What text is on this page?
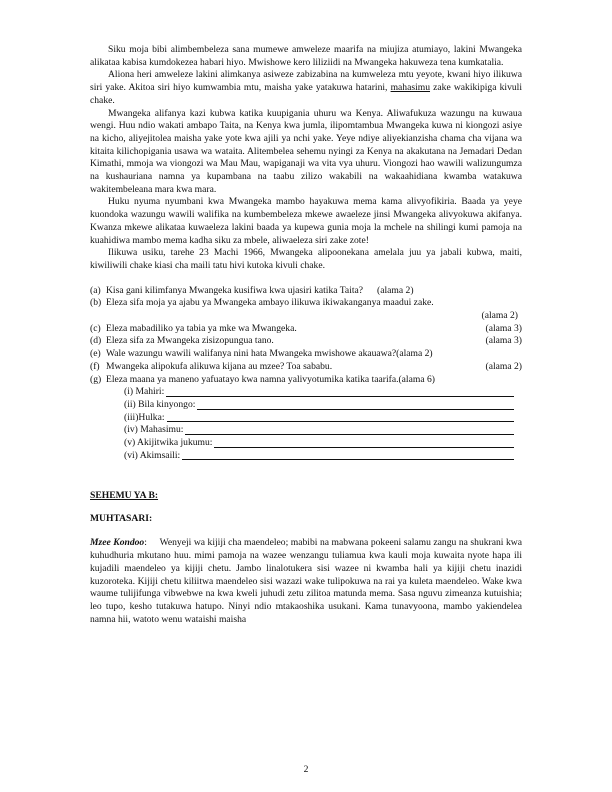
Siku moja bibi alimbembeleza sana mumewe amweleze maarifa na miujiza atumiayo, lakini Mwangeka alikataa kabisa kumdokezea habari hiyo. Mwishowe kero liliziidi na Mwangeka hakuweza tena kumkatalia.

Aliona heri amweleze lakini alimkanya asiweze zabizabina na kumweleza mtu yeyote, kwani hiyo ilikuwa siri yake. Akitoa siri hiyo kumwambia mtu, maisha yake yatakuwa hatarini, mahasimu zake wakikipiga kivuli chake.

Mwangeka alifanya kazi kubwa katika kuupigania uhuru wa Kenya. Aliwafukuza wazungu na kuwaua wengi. Huu ndio wakati ambapo Taita, na Kenya kwa jumla, ilipomtambua Mwangeka kuwa ni kiongozi asiye na kicho, aliyejitolea maisha yake yote kwa ajili ya nchi yake. Yeye ndiye aliyekianzisha chama cha vijana wa kitaita kilichopigania usawa wa wataita. Alitembelea sehemu nyingi za Kenya na akakutana na Jemadari Dedan Kimathi, mmoja wa viongozi wa Mau Mau, wapiganaji wa vita vya uhuru. Viongozi hao wawili walizungumza na kushauriana namna ya kupambana na taabu zilizo wakabili na wakaahidiana kwamba watakuwa wakitembeleana mara kwa mara.

Huku nyuma nyumbani kwa Mwangeka mambo hayakuwa mema kama alivyofikiria. Baada ya yeye kuondoka wazungu wawili walifika na kumbembeleza mkewe awaeleze jinsi Mwangeka alivyokuwa akifanya. Kwanza mkewe alikataa kuwaeleza lakini baada ya kupewa gunia moja la mchele na shilingi kumi pamoja na kuahidiwa mambo mema kadha siku za mbele, aliwaeleza siri zake zote!

Ilikuwa usiku, tarehe 23 Machi 1966, Mwangeka alipoonekana amelala juu ya jabali kubwa, maiti, kiwiliwili chake kiasi cha maili tatu hivi kutoka kivuli chake.

(a) Kisa gani kilimfanya Mwangeka kusifiwa kwa ujasiri katika Taita? (alama 2)
(b) Eleza sifa moja ya ajabu ya Mwangeka ambayo ilikuwa ikiwakanganya maadui zake.

(alama 2)

(c) Eleza mabadiliko ya tabia ya mke wa Mwangeka.	(alama 3)
(d) Eleza sifa za Mwangeka zisizopungua tano.	(alama 3)
(e) Wale wazungu wawili walifanya nini hata Mwangeka mwishowe akauawa? (alama 2)
(f) Mwangeka alipokufa alikuwa kijana au mzee? Toa sababu.	(alama 2)
(g) Eleza maana ya maneno yafuatayo kwa namna yalivyotumika katika taarifa. (alama 6)
(i) Mahiri:
(ii) Bila kinyongo:
(iii)Hulka:
(iv) Mahasimu:
(v) Akijitwika jukumu:
(vi) Akimsaili:

SEHEMU YA B:

MUHTASARI:

Mzee Kondoo: Wenyeji wa kijiji cha maendeleo; mabibi na mabwana pokeeni salamu zangu na shukrani kwa kuhudhuria mkutano huu. mimi pamoja na wazee wenzangu tuliamua kwa kauli moja kuwaita nyote hapa ili kujadili maendeleo ya kijiji chetu. Jambo linalotukera sisi wazee ni kwamba hali ya kijiji chetu inazidi kuzoroteka. Kijiji chetu kiliitwa maendeleo sisi wazazi wake tulipokuwa na rai ya kuleta maendeleo. Wake kwa waume tulijifunga vibwebwe na kwa kweli juhudi zetu zilitoa matunda mema. Sasa nguvu zimeanza kutuishia; leo tupo, kesho tutakuwa hatupo. Ninyi ndio mtakaoshika usukani. Kama tunavyoona, mambo yakiendelea namna hii, watoto wenu wataishi maisha

2
